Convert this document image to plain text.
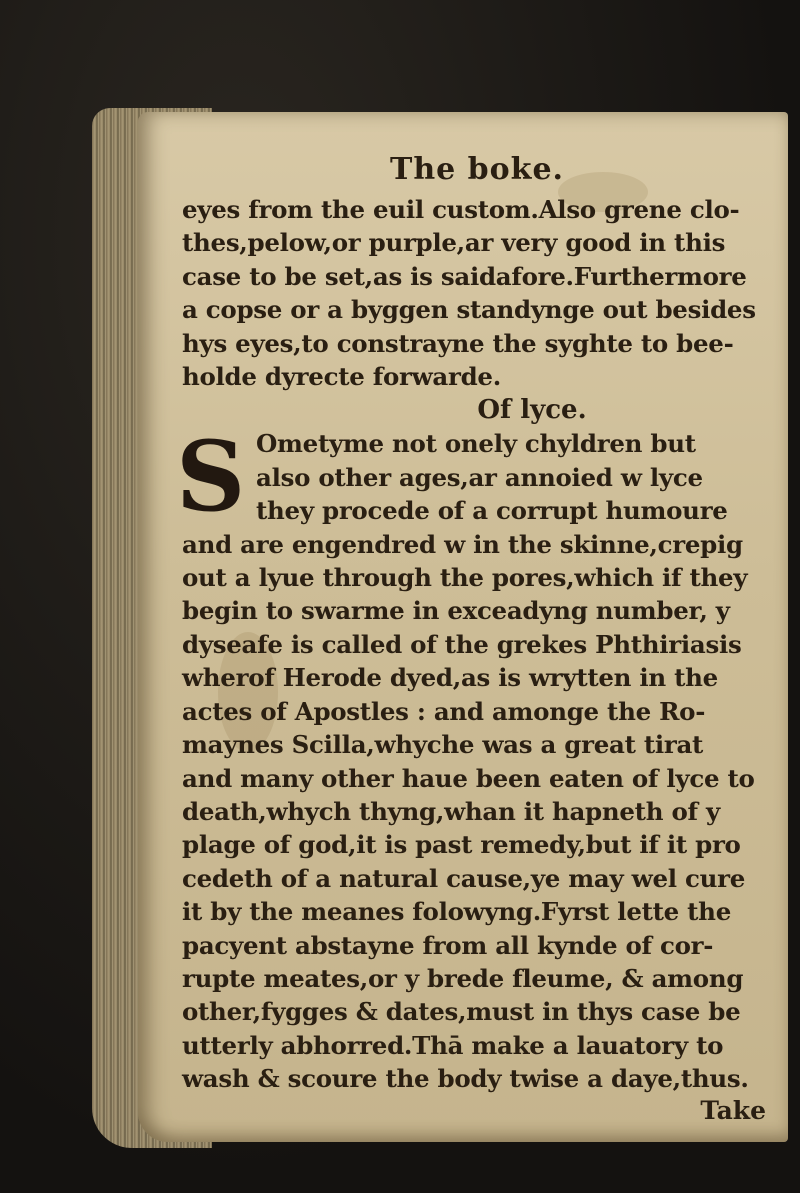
The boke.
eyes from the euil custom.Also grene clo-
thes,pelow,or purple,ar very good in this
case to be set,as is saidafore.Furthermore
a copse or a byggen standynge out besides
hys eyes,to constrayne the syghte to bee-
holde dyrecte forwarde.
Of lyce.
S Ometyme not onely chyldren but
also other ages,ar annoied w lyce
they procede of a corrupt humoure
and are engendred w in the skinne,crepig
out a lyue through the pores,which if they
begin to swarme in exceadyng number, y
dyseafe is called of the grekes Phthiriasis
wherof Herode dyed,as is wrytten in the
actes of Apostles : and amonge the Ro-
maynes Scilla,whyche was a great tirat
and many other haue been eaten of lyce to
death,whych thyng,whan it hapneth of y
plage of god,it is past remedy,but if it pro
cedeth of a natural cause,ye may wel cure
it by the meanes folowyng.Fyrst lette the
pacyent abstayne from all kynde of cor-
rupte meates,or y brede fleume, & among
other,fygges & dates,must in thys case be
utterly abhorred.Thā make a lauatory to
wash & scoure the body twise a daye,thus.
Take
